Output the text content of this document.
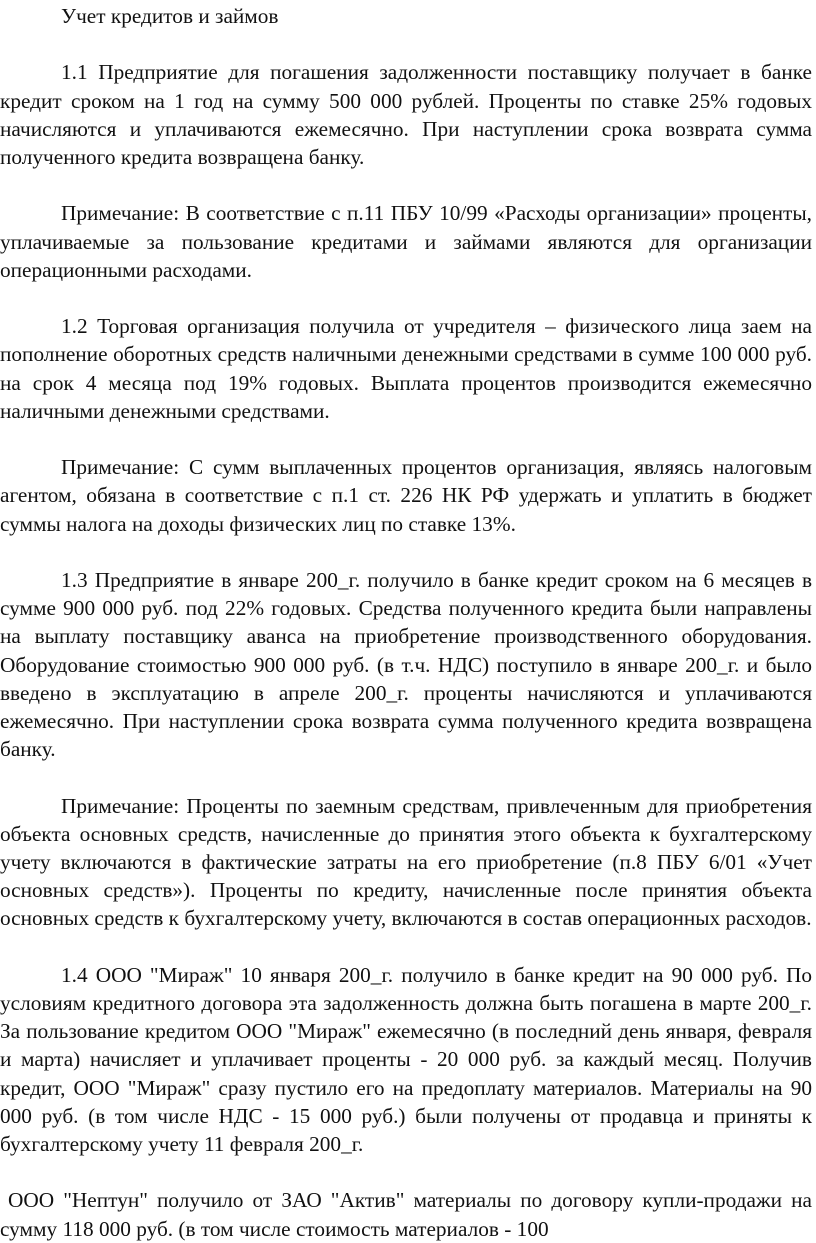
Учет кредитов и займов

1.1 Предприятие для погашения задолженности поставщику получает в банке кредит сроком на 1 год на сумму 500 000 рублей. Проценты по ставке 25% годовых начисляются и уплачиваются ежемесячно. При наступлении срока возврата сумма полученного кредита возвращена банку.

Примечание: В соответствие с п.11 ПБУ 10/99 «Расходы организации» проценты, уплачиваемые за пользование кредитами и займами являются для организации операционными расходами.

1.2 Торговая организация получила от учредителя – физического лица заем на пополнение оборотных средств наличными денежными средствами в сумме 100 000 руб. на срок 4 месяца под 19% годовых. Выплата процентов производится ежемесячно наличными денежными средствами.

Примечание: С сумм выплаченных процентов организация, являясь налоговым агентом, обязана в соответствие с п.1 ст. 226 НК РФ удержать и уплатить в бюджет суммы налога на доходы физических лиц по ставке 13%.

1.3 Предприятие в январе 200_г. получило в банке кредит сроком на 6 месяцев в сумме 900 000 руб. под 22% годовых. Средства полученного кредита были направлены на выплату поставщику аванса на приобретение производственного оборудования. Оборудование стоимостью 900 000 руб. (в т.ч. НДС) поступило в январе 200_г. и было введено в эксплуатацию в апреле 200_г. проценты начисляются и уплачиваются ежемесячно. При наступлении срока возврата сумма полученного кредита возвращена банку.

Примечание: Проценты по заемным средствам, привлеченным для приобретения объекта основных средств, начисленные до принятия этого объекта к бухгалтерскому учету включаются в фактические затраты на его приобретение (п.8 ПБУ 6/01 «Учет основных средств»). Проценты по кредиту, начисленные после принятия объекта основных средств к бухгалтерскому учету, включаются в состав операционных расходов.

1.4 ООО "Мираж" 10 января 200_г. получило в банке кредит на 90 000 руб. По условиям кредитного договора эта задолженность должна быть погашена в марте 200_г. За пользование кредитом ООО "Мираж" ежемесячно (в последний день января, февраля и марта) начисляет и уплачивает проценты - 20 000 руб. за каждый месяц. Получив кредит, ООО "Мираж" сразу пустило его на предоплату материалов. Материалы на 90 000 руб. (в том числе НДС - 15 000 руб.) были получены от продавца и приняты к бухгалтерскому учету 11 февраля 200_г.

ООО "Нептун" получило от ЗАО "Актив" материалы по договору купли-продажи на сумму 118 000 руб. (в том числе стоимость материалов - 100
